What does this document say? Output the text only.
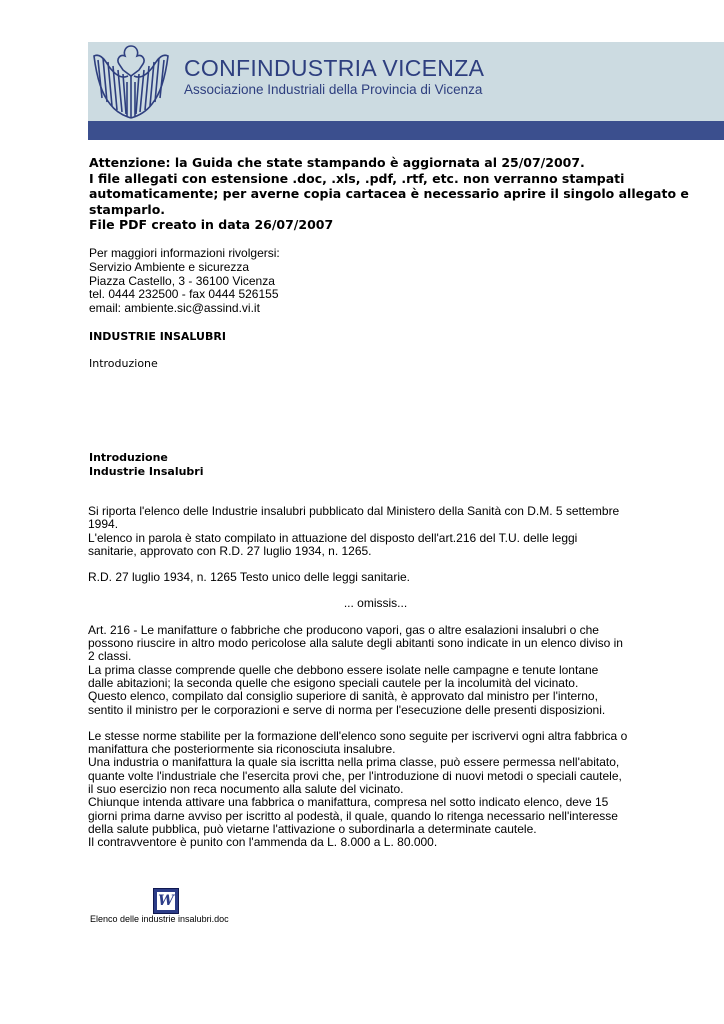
CONFINDUSTRIA VICENZA
Associazione Industriali della Provincia di Vicenza
Attenzione: la Guida che state stampando è aggiornata al 25/07/2007.
I file allegati con estensione .doc, .xls, .pdf, .rtf, etc. non verranno stampati
automaticamente; per averne copia cartacea è necessario aprire il singolo allegato e
stamparlo.
File PDF creato in data 26/07/2007
Per maggiori informazioni rivolgersi:
Servizio Ambiente e sicurezza
Piazza Castello, 3 - 36100 Vicenza
tel. 0444 232500 - fax 0444 526155
email: ambiente.sic@assind.vi.it
INDUSTRIE INSALUBRI
Introduzione
Introduzione
Industrie Insalubri

Si riporta l'elenco delle Industrie insalubri pubblicato dal Ministero della Sanità con D.M. 5 settembre

1994.

L'elenco in parola è stato compilato in attuazione del disposto dell'art.216 del T.U. delle leggi

sanitarie, approvato con R.D. 27 luglio 1934, n. 1265.

R.D. 27 luglio 1934, n. 1265 Testo unico delle leggi sanitarie.

... omissis...

Art. 216 - Le manifatture o fabbriche che producono vapori, gas o altre esalazioni insalubri o che

possono riuscire in altro modo pericolose alla salute degli abitanti sono indicate in un elenco diviso in

2 classi.

La prima classe comprende quelle che debbono essere isolate nelle campagne e tenute lontane

dalle abitazioni; la seconda quelle che esigono speciali cautele per la incolumità del vicinato.

Questo elenco, compilato dal consiglio superiore di sanità, è approvato dal ministro per l'interno,

sentito il ministro per le corporazioni e serve di norma per l'esecuzione delle presenti disposizioni.

Le stesse norme stabilite per la formazione dell'elenco sono seguite per iscrivervi ogni altra fabbrica o

manifattura che posteriormente sia riconosciuta insalubre.

Una industria o manifattura la quale sia iscritta nella prima classe, può essere permessa nell'abitato,

quante volte l'industriale che l'esercita provi che, per l'introduzione di nuovi metodi o speciali cautele,

il suo esercizio non reca nocumento alla salute del vicinato.

Chiunque intenda attivare una fabbrica o manifattura, compresa nel sotto indicato elenco, deve 15

giorni prima darne avviso per iscritto al podestà, il quale, quando lo ritenga necessario nell'interesse

della salute pubblica, può vietarne l'attivazione o subordinarla a determinate cautele.

Il contravventore è punito con l'ammenda da L. 8.000 a L. 80.000.

W
Elenco delle industrie insalubri.doc
